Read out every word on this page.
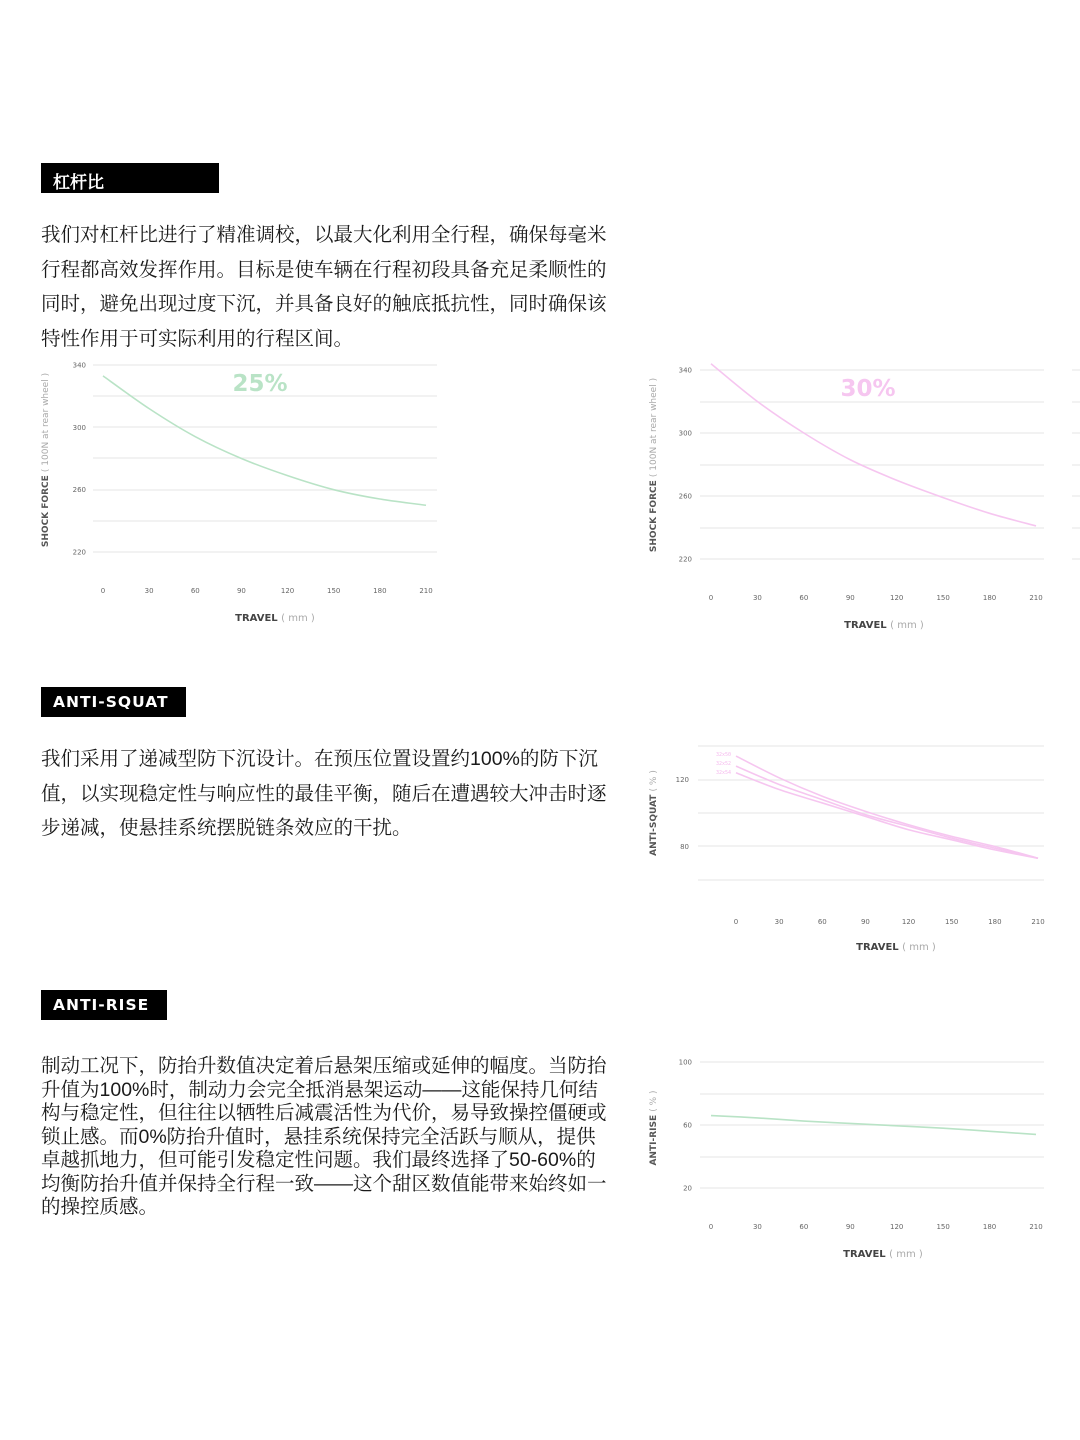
杠杆比
我们对杠杆比进行了精准调校，以最大化利用全行程，确保每毫米行程都高效发挥作用。目标是使车辆在行程初段具备充足柔顺性的同时，避免出现过度下沉，并具备良好的触底抵抗性，同时确保该特性作用于可实际利用的行程区间。
340
300
260
220
0	30	60	90	120	150	180	210
TRAVEL ( mm )
SHOCK FORCE ( 100N at rear wheel )	25%
340
300
260
220
0	30	60	90	120	150	180	210
TRAVEL ( mm )
SHOCK FORCE ( 100N at rear wheel )	30%
ANTI-SQUAT
我们采用了递减型防下沉设计。在预压位置设置约100%的防下沉值，以实现稳定性与响应性的最佳平衡，随后在遭遇较大冲击时逐步递减，使悬挂系统摆脱链条效应的干扰。
120
80
0	30	60	90	120	150	180	210
TRAVEL ( mm )
ANTI-SQUAT ( % )
32x50
32x52
32x54
ANTI-RISE
制动工况下，防抬升数值决定着后悬架压缩或延伸的幅度。当防抬升值为100%时，制动力会完全抵消悬架运动——这能保持几何结构与稳定性，但往往以牺牲后减震活性为代价，易导致操控僵硬或锁止感。而0%防抬升值时，悬挂系统保持完全活跃与顺从，提供卓越抓地力，但可能引发稳定性问题。我们最终选择了50-60%的均衡防抬升值并保持全行程一致——这个甜区数值能带来始终如一的操控质感。
100
60
20
0	30	60	90	120	150	180	210
TRAVEL ( mm )
ANTI-RISE ( % )
